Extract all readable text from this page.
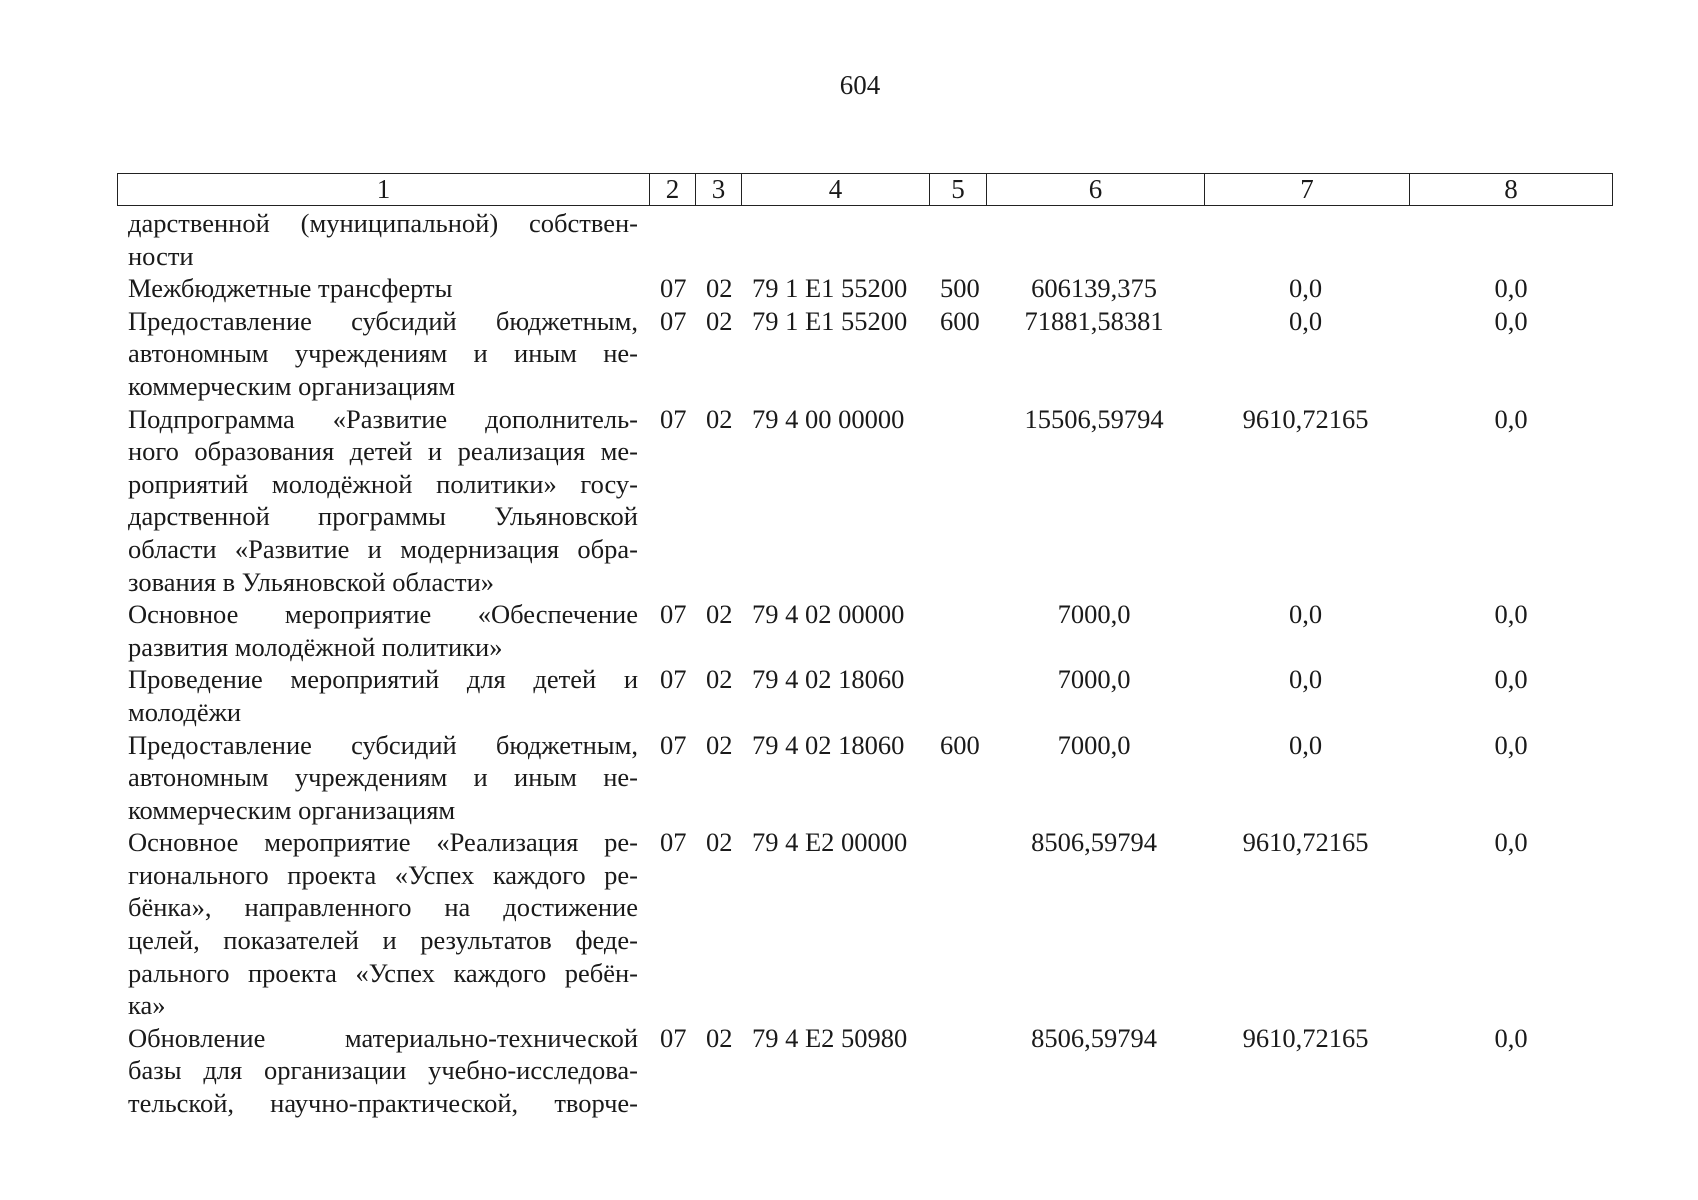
604
1	2	3	4	5	6	7	8
дарственной (муниципальной) собствен-
ности
Межбюджетные трансферты	07 02 79 1 E1 55200 500	606139,375	0,0	0,0
Предоставление субсидий бюджетным,
автономным учреждениям и иным не-
коммерческим организациям
07 02 79 1 E1 55200 600	71881,58381	0,0	0,0
Подпрограмма «Развитие дополнитель-
ного образования детей и реализация ме-
роприятий молодёжной политики» госу-
дарственной программы Ульяновской
области «Развитие и модернизация обра-
зования в Ульяновской области»
07 02 79 4 00 00000	15506,59794	9610,72165	0,0
Основное мероприятие «Обеспечение
развития молодёжной политики»
07 02 79 4 02 00000	7000,0	0,0	0,0
Проведение мероприятий для детей и
молодёжи
07 02 79 4 02 18060	7000,0	0,0	0,0
Предоставление субсидий бюджетным,
автономным учреждениям и иным не-
коммерческим организациям
07 02 79 4 02 18060 600	7000,0	0,0	0,0
Основное мероприятие «Реализация ре-
гионального проекта «Успех каждого ре-
бёнка», направленного на достижение
целей, показателей и результатов феде-
рального проекта «Успех каждого ребён-
ка»
07 02 79 4 E2 00000	8506,59794	9610,72165	0,0
Обновление материально-технической
базы для организации учебно-исследова-
тельской, научно-практической, творче-
07 02 79 4 E2 50980	8506,59794	9610,72165	0,0
